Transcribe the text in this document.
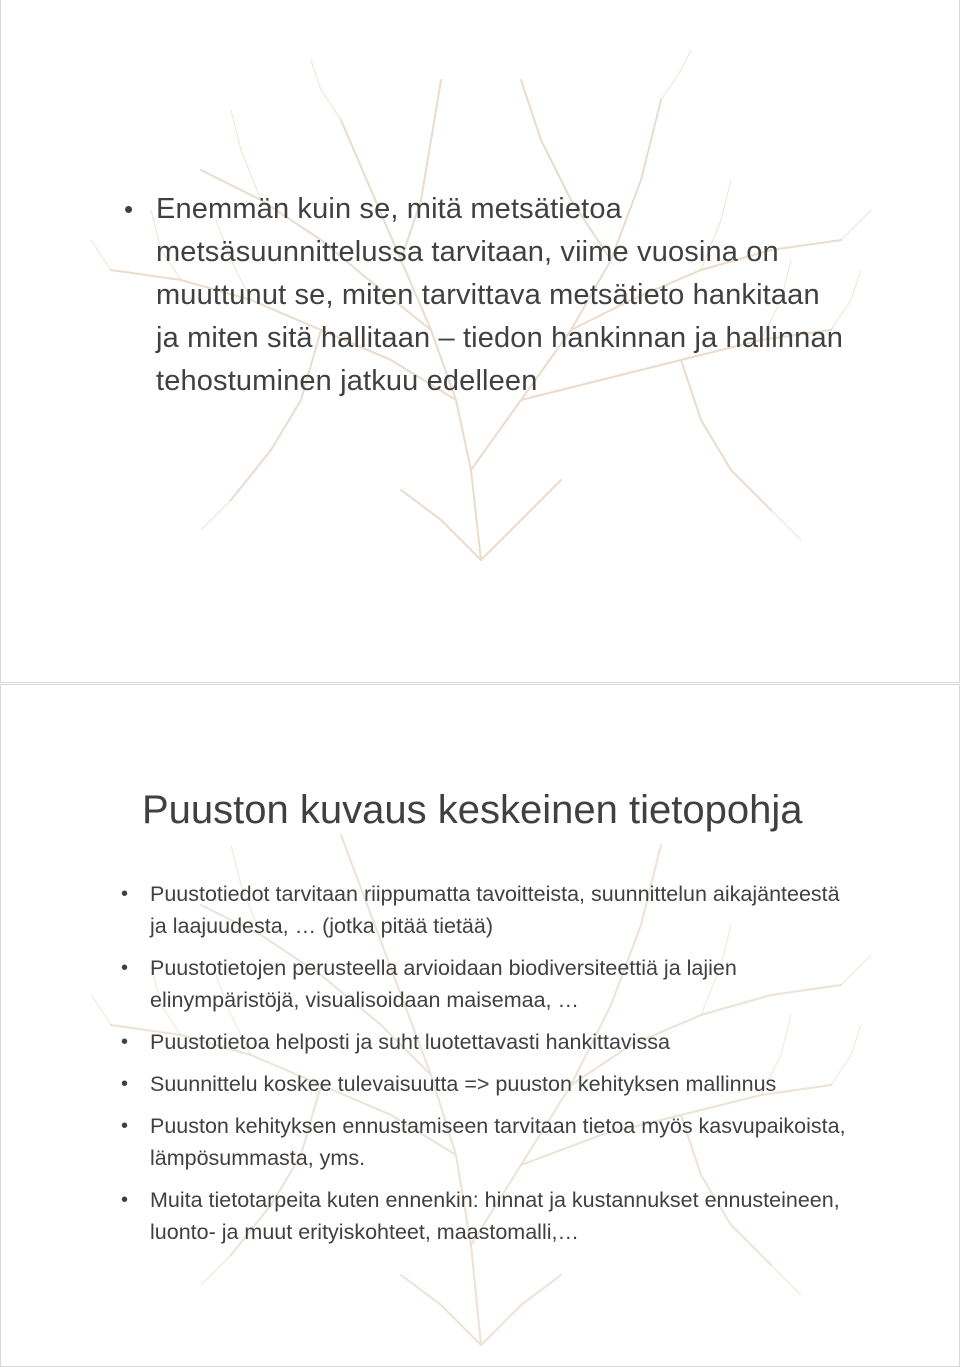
• Enemmän kuin se, mitä metsätietoa metsäsuunnittelussa tarvitaan, viime vuosina on muuttunut se, miten tarvittava metsätieto hankitaan ja miten sitä hallitaan – tiedon hankinnan ja hallinnan tehostuminen jatkuu edelleen
Puuston kuvaus keskeinen tietopohja
• Puustotiedot tarvitaan riippumatta tavoitteista, suunnittelun aikajänteestä ja laajuudesta, … (jotka pitää tietää)
• Puustotietojen perusteella arvioidaan biodiversiteettiä ja lajien elinympäristöjä, visualisoidaan maisemaa, …
• Puustotietoa helposti ja suht luotettavasti hankittavissa
• Suunnittelu koskee tulevaisuutta => puuston kehityksen mallinnus
• Puuston kehityksen ennustamiseen tarvitaan tietoa myös kasvupaikoista, lämpösummasta, yms.
• Muita tietotarpeita kuten ennenkin: hinnat ja kustannukset ennusteineen, luonto- ja muut erityiskohteet, maastomalli,…
